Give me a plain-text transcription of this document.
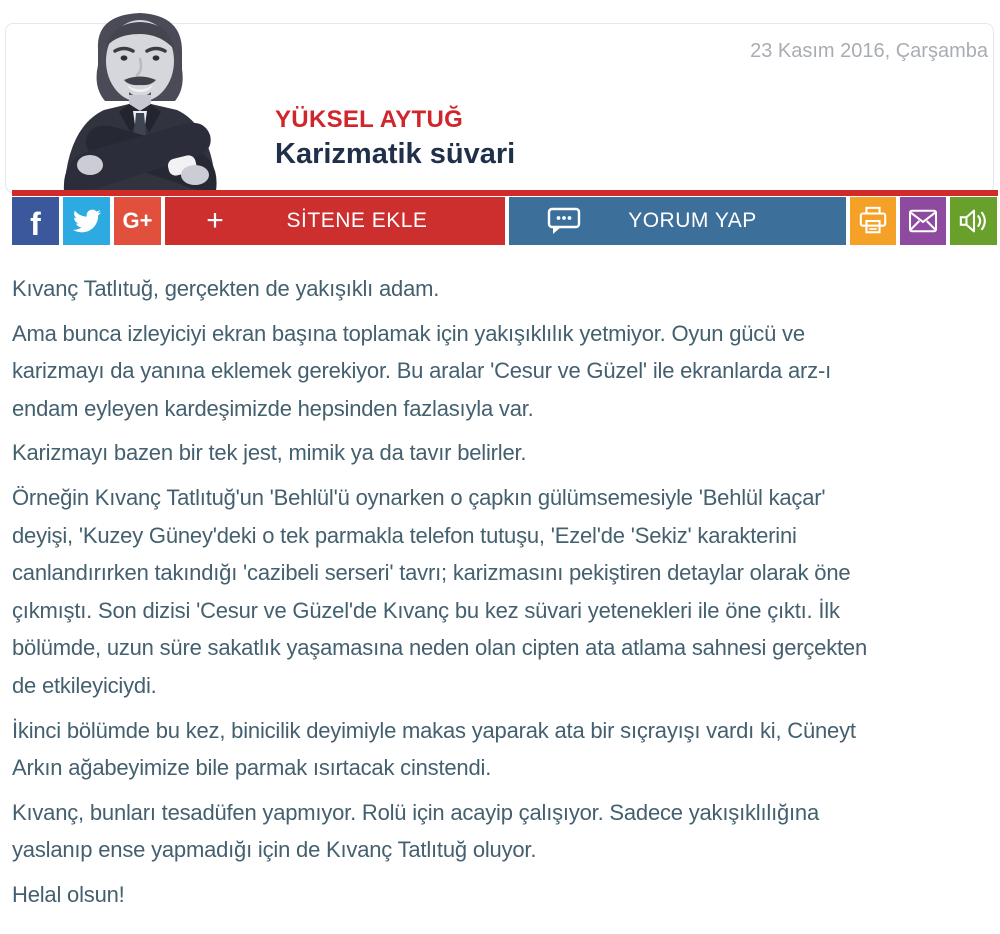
23 Kasım 2016, Çarşamba
YÜKSEL AYTUĞ
Karizmatik süvari
f	G+	+	SİTENE EKLE	YORUM YAP

Kıvanç Tatlıtuğ, gerçekten de yakışıklı adam.

Ama bunca izleyiciyi ekran başına toplamak için yakışıklılık yetmiyor. Oyun gücü ve
karizmayı da yanına eklemek gerekiyor. Bu aralar 'Cesur ve Güzel' ile ekranlarda arz-ı
endam eyleyen kardeşimizde hepsinden fazlasıyla var.

Karizmayı bazen bir tek jest, mimik ya da tavır belirler.

Örneğin Kıvanç Tatlıtuğ'un 'Behlül'ü oynarken o çapkın gülümsemesiyle 'Behlül kaçar'
deyişi, 'Kuzey Güney'deki o tek parmakla telefon tutuşu, 'Ezel'de 'Sekiz' karakterini
canlandırırken takındığı 'cazibeli serseri' tavrı; karizmasını pekiştiren detaylar olarak öne
çıkmıştı. Son dizisi 'Cesur ve Güzel'de Kıvanç bu kez süvari yetenekleri ile öne çıktı. İlk
bölümde, uzun süre sakatlık yaşamasına neden olan cipten ata atlama sahnesi gerçekten
de etkileyiciydi.

İkinci bölümde bu kez, binicilik deyimiyle makas yaparak ata bir sıçrayışı vardı ki, Cüneyt
Arkın ağabeyimize bile parmak ısırtacak cinstendi.

Kıvanç, bunları tesadüfen yapmıyor. Rolü için acayip çalışıyor. Sadece yakışıklılığına
yaslanıp ense yapmadığı için de Kıvanç Tatlıtuğ oluyor.

Helal olsun!
